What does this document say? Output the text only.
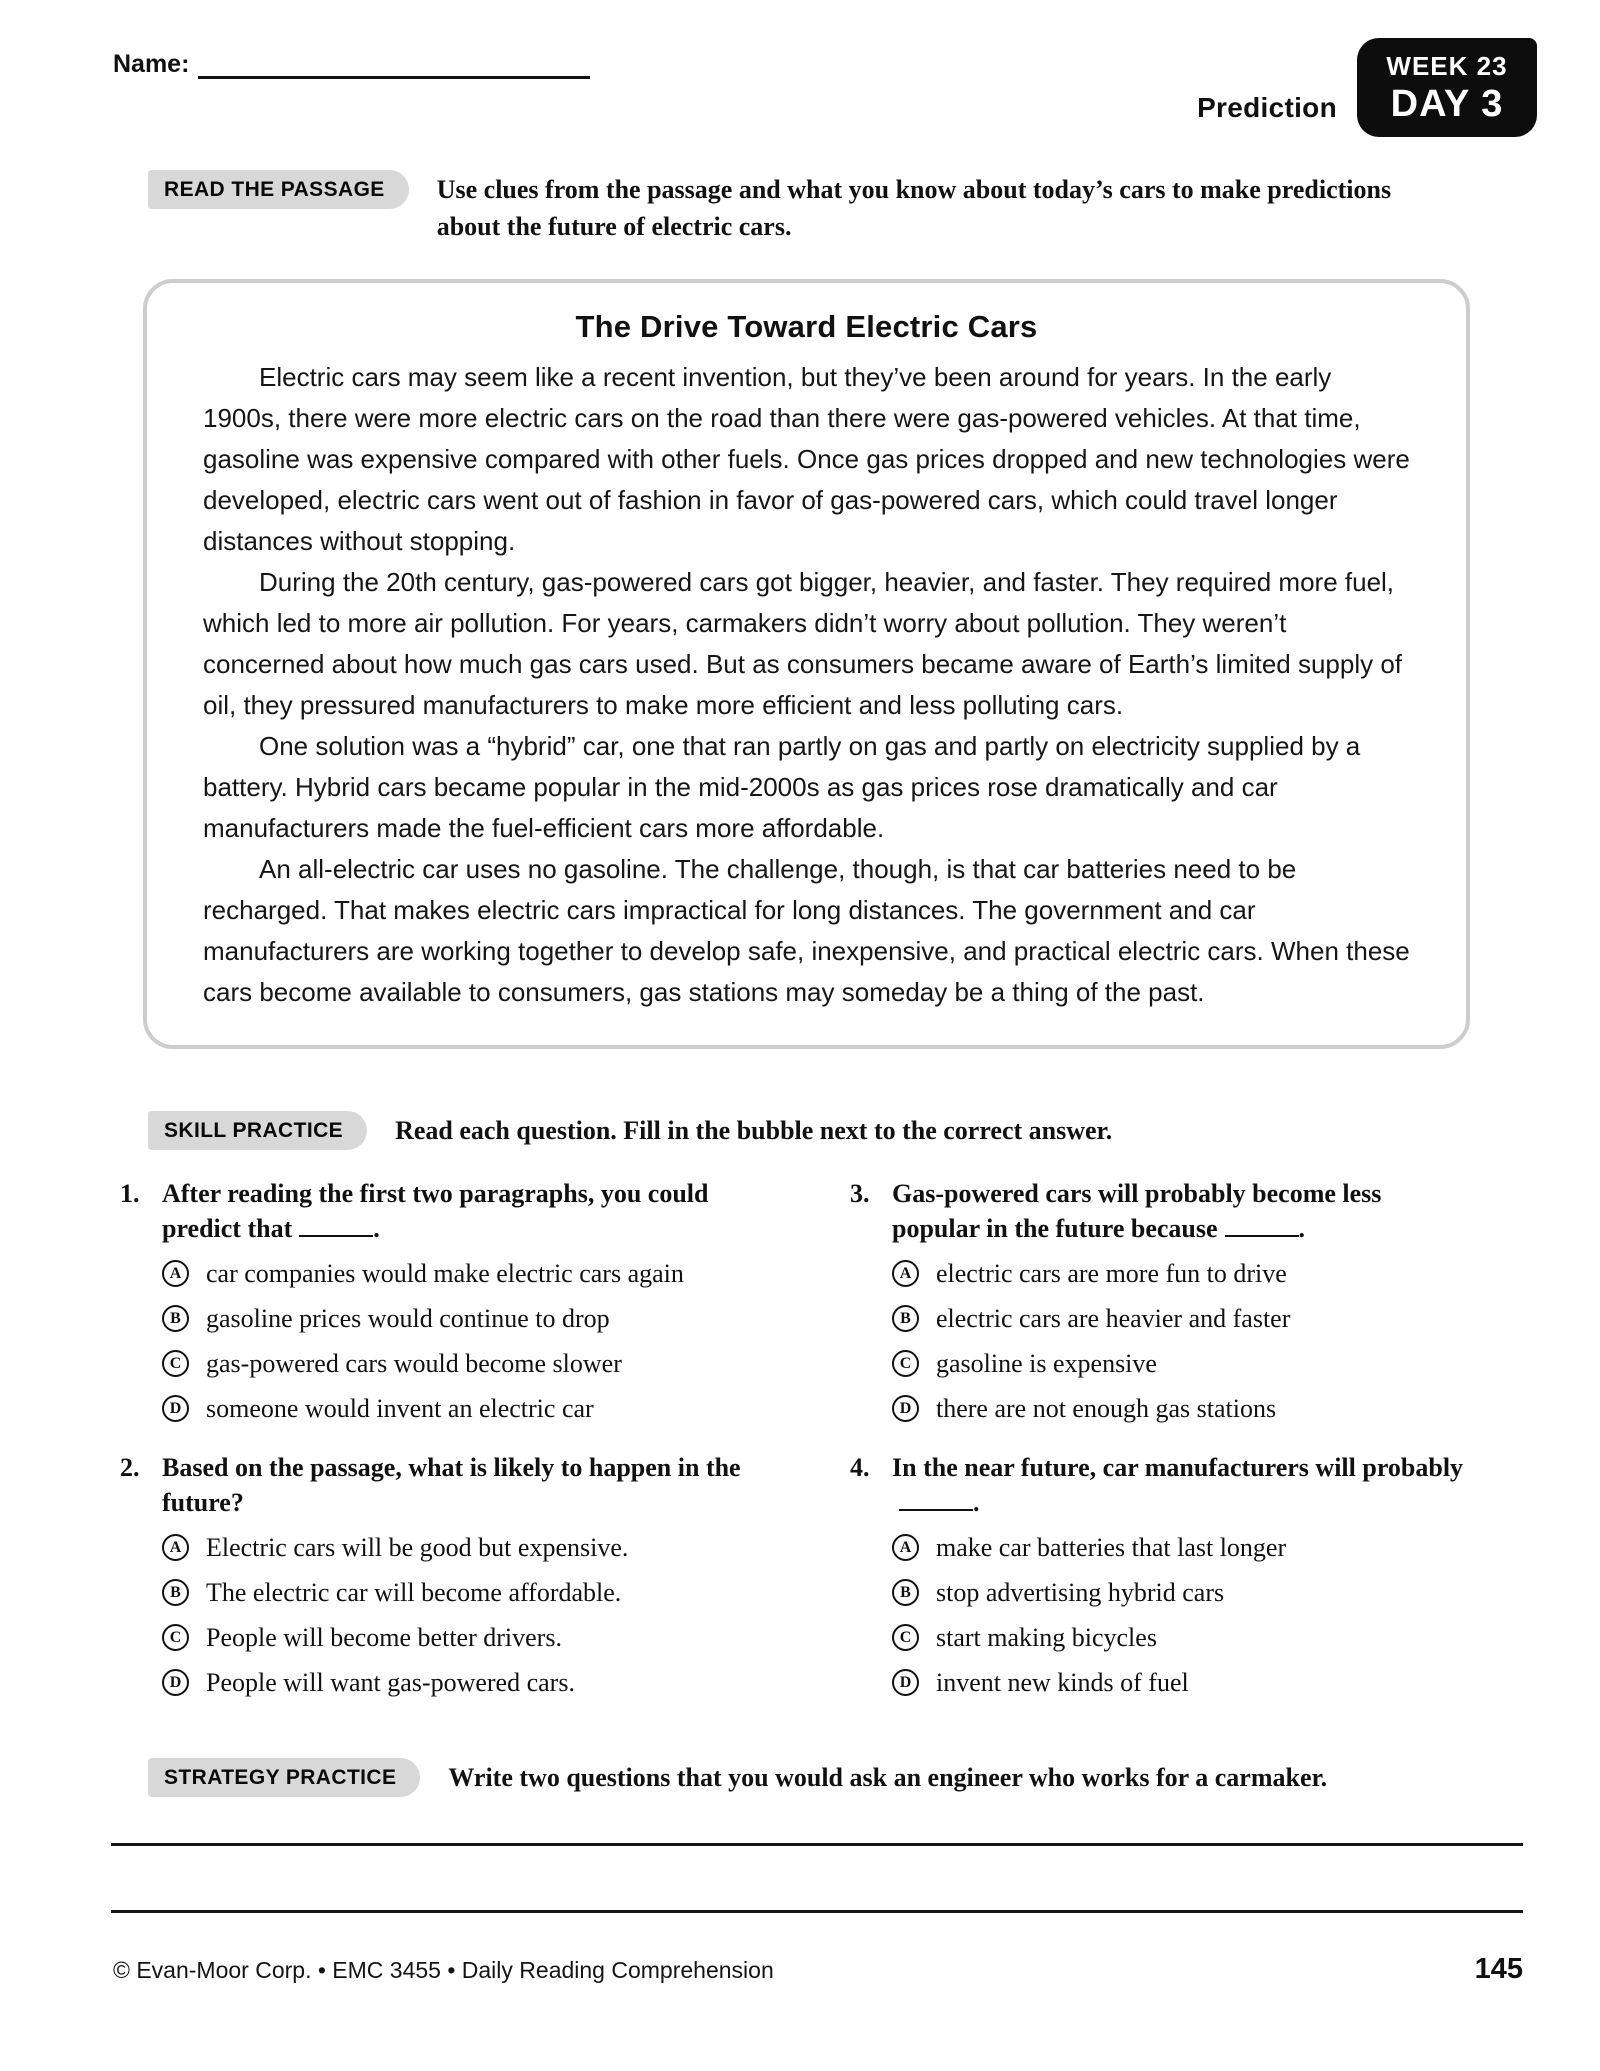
Name:
Prediction
WEEK 23
DAY 3
READ THE PASSAGE	Use clues from the passage and what you know about today’s cars to make predictions about the future of electric cars.

The Drive Toward Electric Cars

Electric cars may seem like a recent invention, but they’ve been around for years. In the early 1900s, there were more electric cars on the road than there were gas-powered vehicles. At that time, gasoline was expensive compared with other fuels. Once gas prices dropped and new technologies were developed, electric cars went out of fashion in favor of gas-powered cars, which could travel longer distances without stopping.

During the 20th century, gas-powered cars got bigger, heavier, and faster. They required more fuel, which led to more air pollution. For years, carmakers didn’t worry about pollution. They weren’t concerned about how much gas cars used. But as consumers became aware of Earth’s limited supply of oil, they pressured manufacturers to make more efficient and less polluting cars.

One solution was a “hybrid” car, one that ran partly on gas and partly on electricity supplied by a battery. Hybrid cars became popular in the mid-2000s as gas prices rose dramatically and car manufacturers made the fuel-efficient cars more affordable.

An all-electric car uses no gasoline. The challenge, though, is that car batteries need to be recharged. That makes electric cars impractical for long distances. The government and car manufacturers are working together to develop safe, inexpensive, and practical electric cars. When these cars become available to consumers, gas stations may someday be a thing of the past.

SKILL PRACTICE	Read each question. Fill in the bubble next to the correct answer.

1. After reading the first two paragraphs, you could predict that	.

A car companies would make electric cars again
B gasoline prices would continue to drop
C gas-powered cars would become slower
D someone would invent an electric car
2. Based on the passage, what is likely to happen in the future?

A Electric cars will be good but expensive.
B The electric car will become affordable.
C People will become better drivers.
D People will want gas-powered cars.
3. Gas-powered cars will probably become less popular in the future because	.

A electric cars are more fun to drive
B electric cars are heavier and faster
C gasoline is expensive
D there are not enough gas stations
4. In the near future, car manufacturers will probably.

A make car batteries that last longer
B stop advertising hybrid cars
C start making bicycles
D invent new kinds of fuel
STRATEGY PRACTICE	Write two questions that you would ask an engineer who works for a carmaker.

© Evan-Moor Corp. • EMC 3455 • Daily Reading Comprehension	145
